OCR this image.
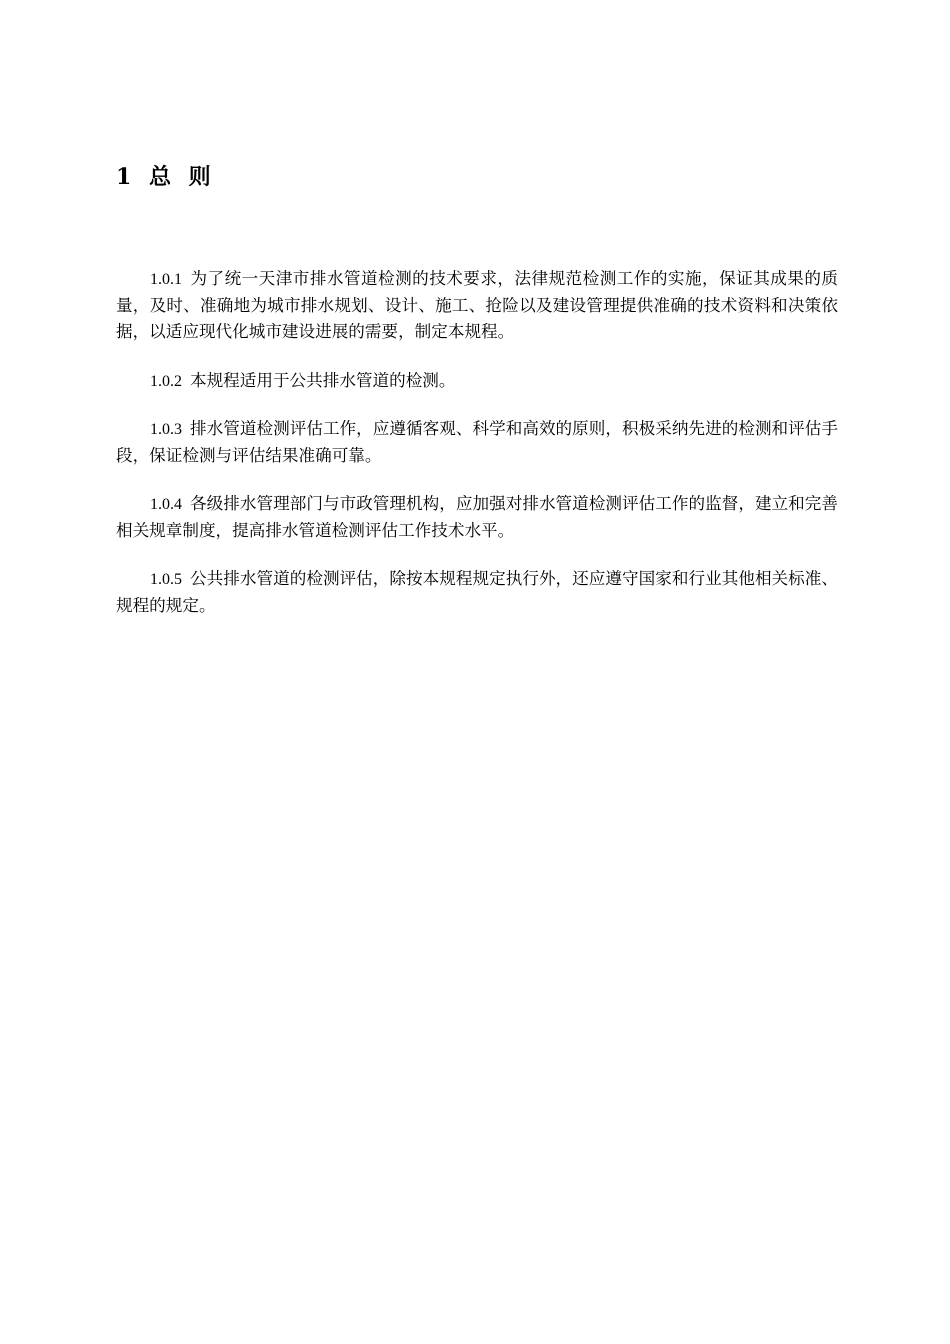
1 总 则

1.0.1 为了统一天津市排水管道检测的技术要求，法律规范检测工作的实施，保证其成果的质量，及时、准确地为城市排水规划、设计、施工、抢险以及建设管理提供准确的技术资料和决策依据，以适应现代化城市建设进展的需要，制定本规程。

1.0.2 本规程适用于公共排水管道的检测。

1.0.3 排水管道检测评估工作，应遵循客观、科学和高效的原则，积极采纳先进的检测和评估手段，保证检测与评估结果准确可靠。

1.0.4 各级排水管理部门与市政管理机构，应加强对排水管道检测评估工作的监督，建立和完善相关规章制度，提高排水管道检测评估工作技术水平。

1.0.5 公共排水管道的检测评估，除按本规程规定执行外，还应遵守国家和行业其他相关标准、规程的规定。
